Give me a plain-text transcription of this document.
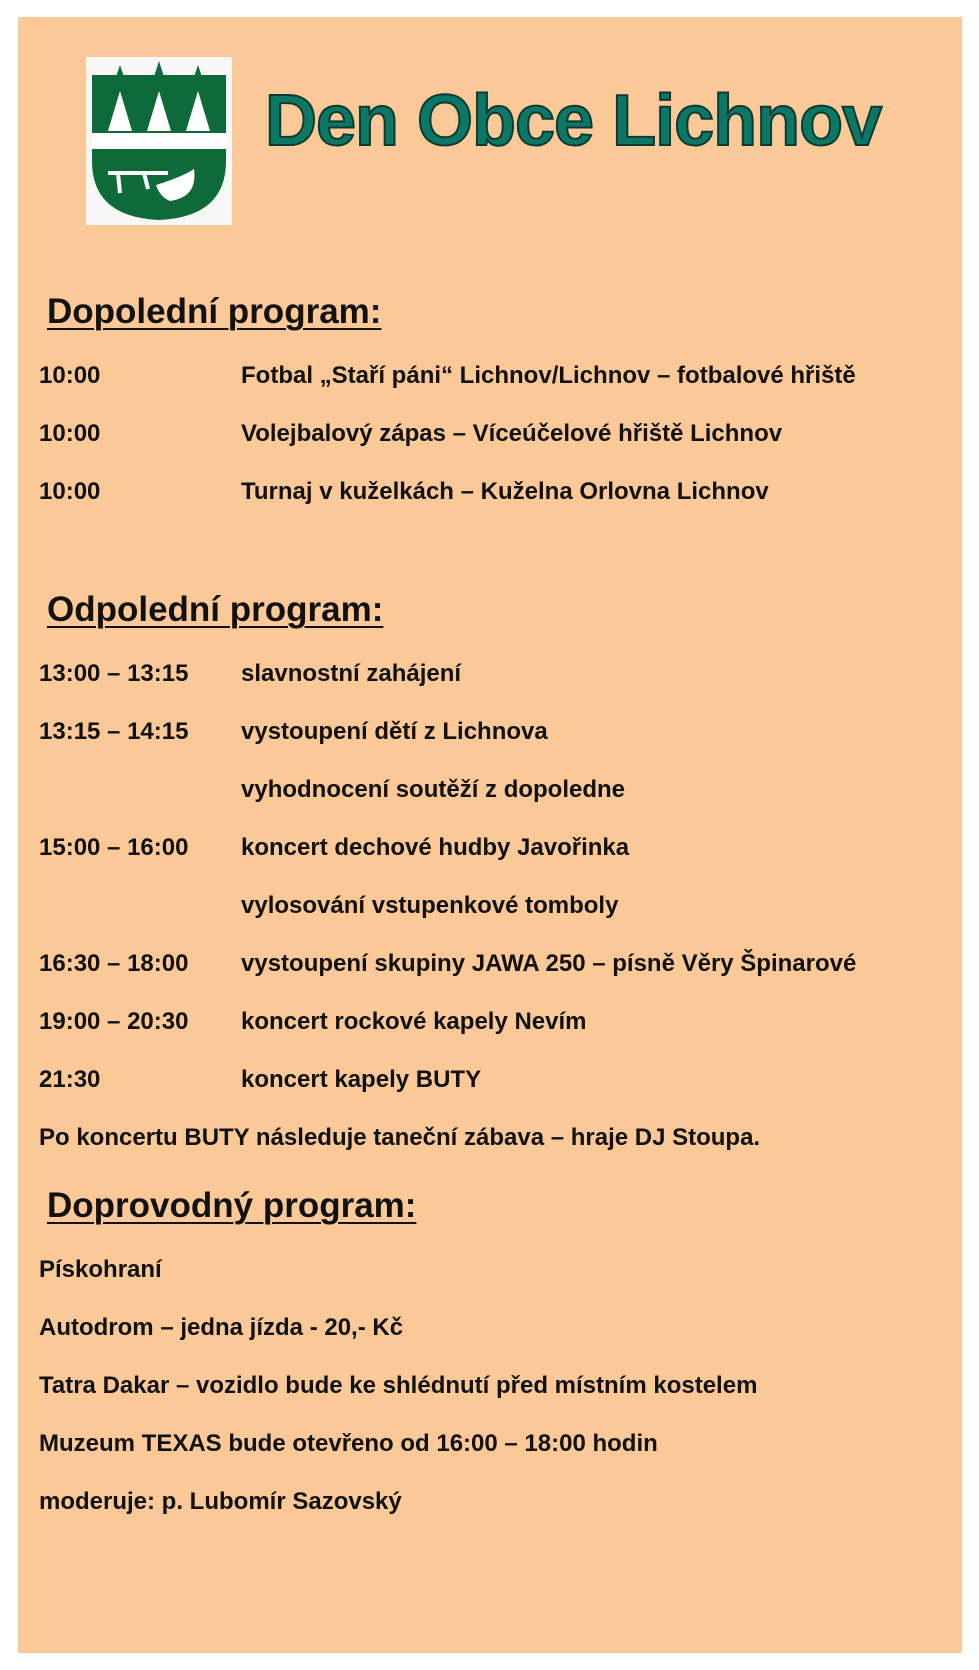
Den Obce Lichnov
Dopolední program:
10:00	Fotbal „Staří páni“ Lichnov/Lichnov – fotbalové hřiště
10:00	Volejbalový zápas – Víceúčelové hřiště Lichnov
10:00	Turnaj v kuželkách – Kuželna Orlovna Lichnov
Odpolední program:
13:00 – 13:15 slavnostní zahájení
13:15 – 14:15 vystoupení dětí z Lichnova
vyhodnocení soutěží z dopoledne
15:00 – 16:00 koncert dechové hudby Javořinka
vylosování vstupenkové tomboly
16:30 – 18:00 vystoupení skupiny JAWA 250 – písně Věry Špinarové
19:00 – 20:30 koncert rockové kapely Nevím
21:30	koncert kapely BUTY
Po koncertu BUTY následuje taneční zábava – hraje DJ Stoupa.
Doprovodný program:
Pískohraní
Autodrom – jedna jízda - 20,- Kč
Tatra Dakar – vozidlo bude ke shlédnutí před místním kostelem
Muzeum TEXAS bude otevřeno od 16:00 – 18:00 hodin
moderuje: p. Lubomír Sazovský
